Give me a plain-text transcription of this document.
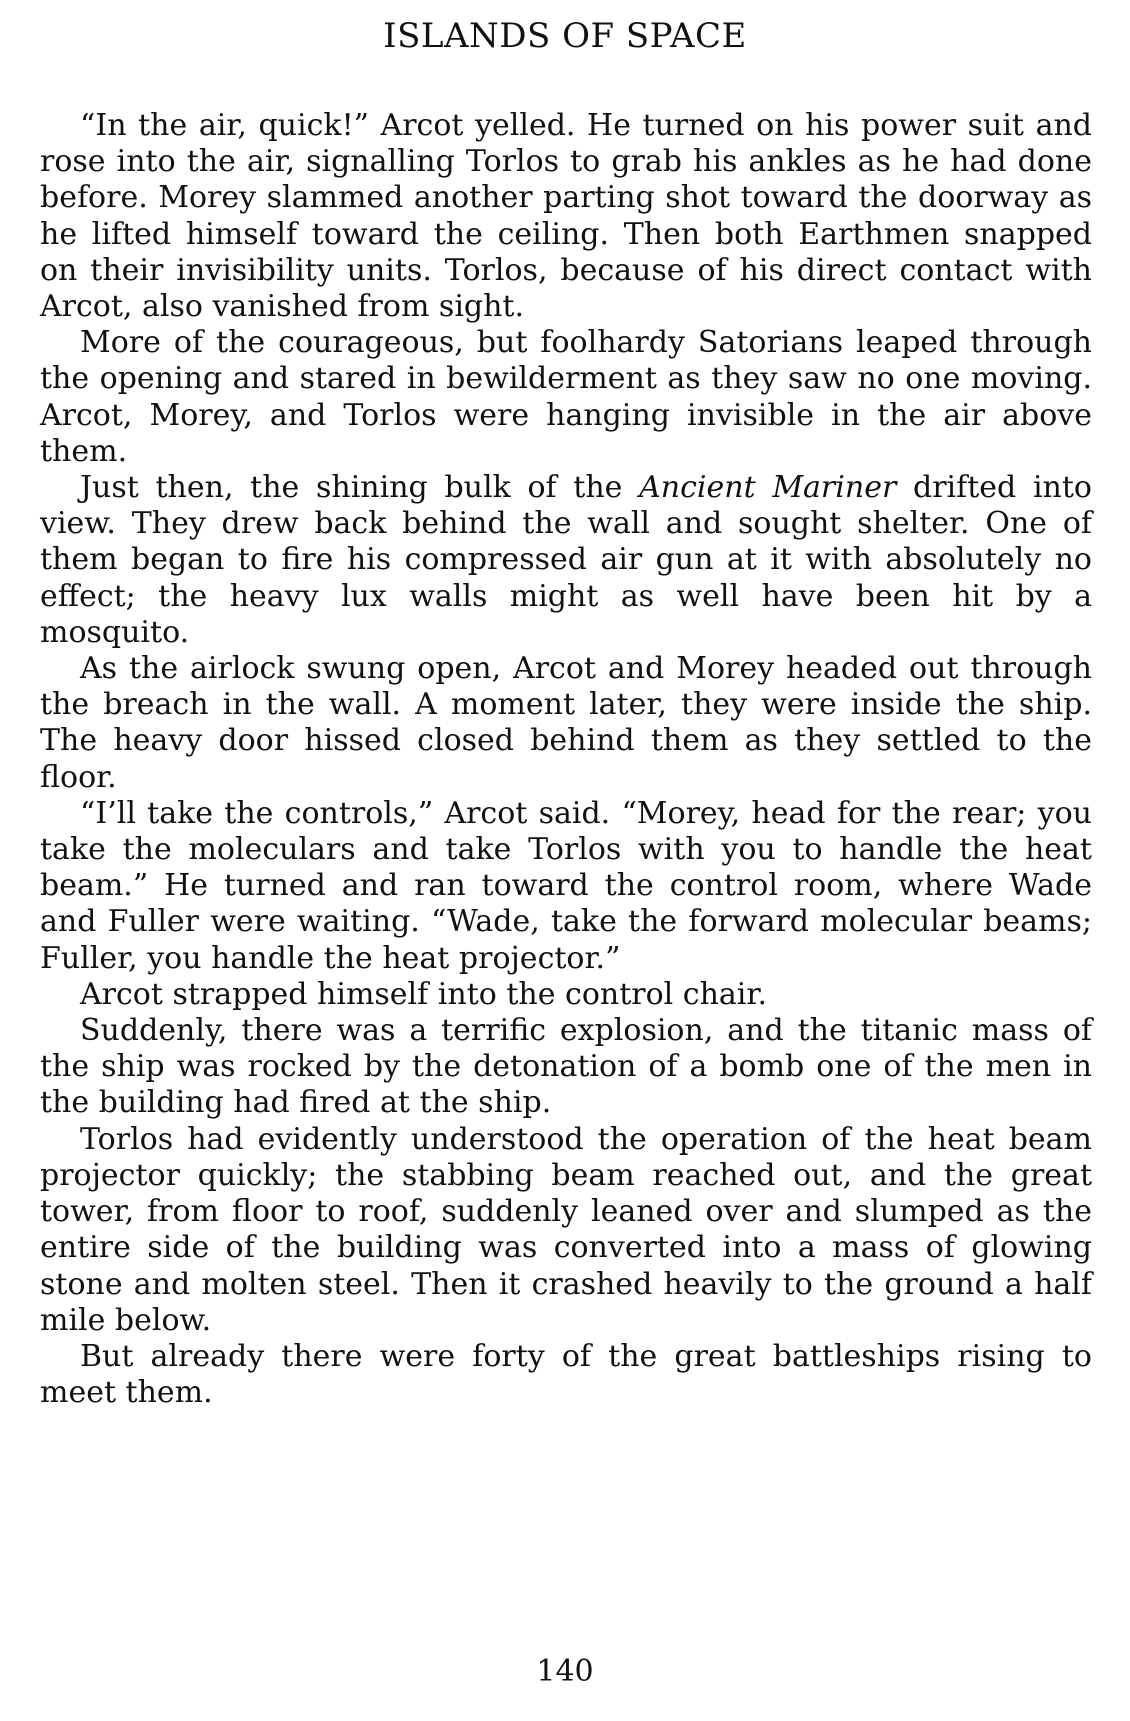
ISLANDS OF SPACE

“In the air, quick!” Arcot yelled. He turned on his power suit and rose into the air, signalling Torlos to grab his ankles as he had done before. Morey slammed another parting shot toward the doorway as he lifted himself toward the ceiling. Then both Earthmen snapped on their invisibility units. Torlos, because of his direct contact with Arcot, also vanished from sight.

More of the courageous, but foolhardy Satorians leaped through the opening and stared in bewilderment as they saw no one moving. Arcot, Morey, and Torlos were hanging invisible in the air above them.

Just then, the shining bulk of the Ancient Mariner drifted into view. They drew back behind the wall and sought shelter. One of them began to fire his compressed air gun at it with absolutely no effect; the heavy lux walls might as well have been hit by a mosquito.

As the airlock swung open, Arcot and Morey headed out through the breach in the wall. A moment later, they were inside the ship. The heavy door hissed closed behind them as they settled to the floor.

“I’ll take the controls,” Arcot said. “Morey, head for the rear; you take the moleculars and take Torlos with you to handle the heat beam.” He turned and ran toward the control room, where Wade and Fuller were waiting. “Wade, take the forward molecular beams; Fuller, you handle the heat projector.”

Arcot strapped himself into the control chair.

Suddenly, there was a terrific explosion, and the titanic mass of the ship was rocked by the detonation of a bomb one of the men in the building had fired at the ship.

Torlos had evidently understood the operation of the heat beam projector quickly; the stabbing beam reached out, and the great tower, from floor to roof, suddenly leaned over and slumped as the entire side of the building was converted into a mass of glowing stone and molten steel. Then it crashed heavily to the ground a half mile below.

But already there were forty of the great battleships rising to meet them.

140
